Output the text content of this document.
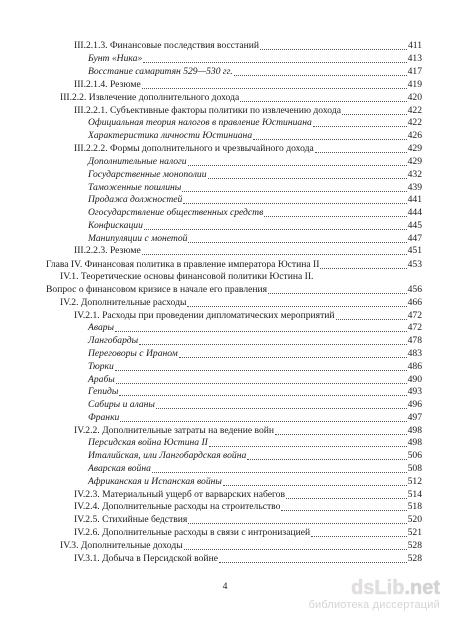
III.2.1.3. Финансовые последствия восстаний	411
Бунт «Ника»	413
Восстание самаритян 529—530 гг.	417
III.2.1.4. Резюме	419
III.2.2. Извлечение дополнительного дохода	420
III.2.2.1. Субъективные факторы политики по извлечению дохода	422
Официальная теория налогов в правление Юстиниана	422
Характеристика личности Юстиниана	426
III.2.2.2. Формы дополнительного и чрезвычайного дохода	429
Дополнительные налоги	429
Государственные монополии	432
Таможенные пошлины	439
Продажа должностей	441
Огосударствление общественных средств	444
Конфискации	445
Манипуляции с монетой	447
III.2.2.3. Резюме	451
Глава IV. Финансовая политика в правление императора Юстина II	453
IV.1. Теоретические основы финансовой политики Юстина II.
Вопрос о финансовом кризисе в начале его правления	456
IV.2. Дополнительные расходы	466
IV.2.1. Расходы при проведении дипломатических мероприятий	472
Авары	472
Лангобарды	478
Переговоры с Ираном	483
Тюрки	486
Арабы	490
Гепиды	493
Сабиры и аланы	496
Франки	497
IV.2.2. Дополнительные затраты на ведение войн	498
Персидская война Юстина II	498
Италийская, или Лангобардская война	506
Аварская война	508
Африканская и Испанская войны	512
IV.2.3. Материальный ущерб от варварских набегов	514
IV.2.4. Дополнительные расходы на строительство	518
IV.2.5. Стихийные бедствия	520
IV.2.6. Дополнительные расходы в связи с интронизацией	521
IV.3. Дополнительные доходы	528
IV.3.1. Добыча в Персидской войне	528
4	dsLib.net
библиотека диссертаций
